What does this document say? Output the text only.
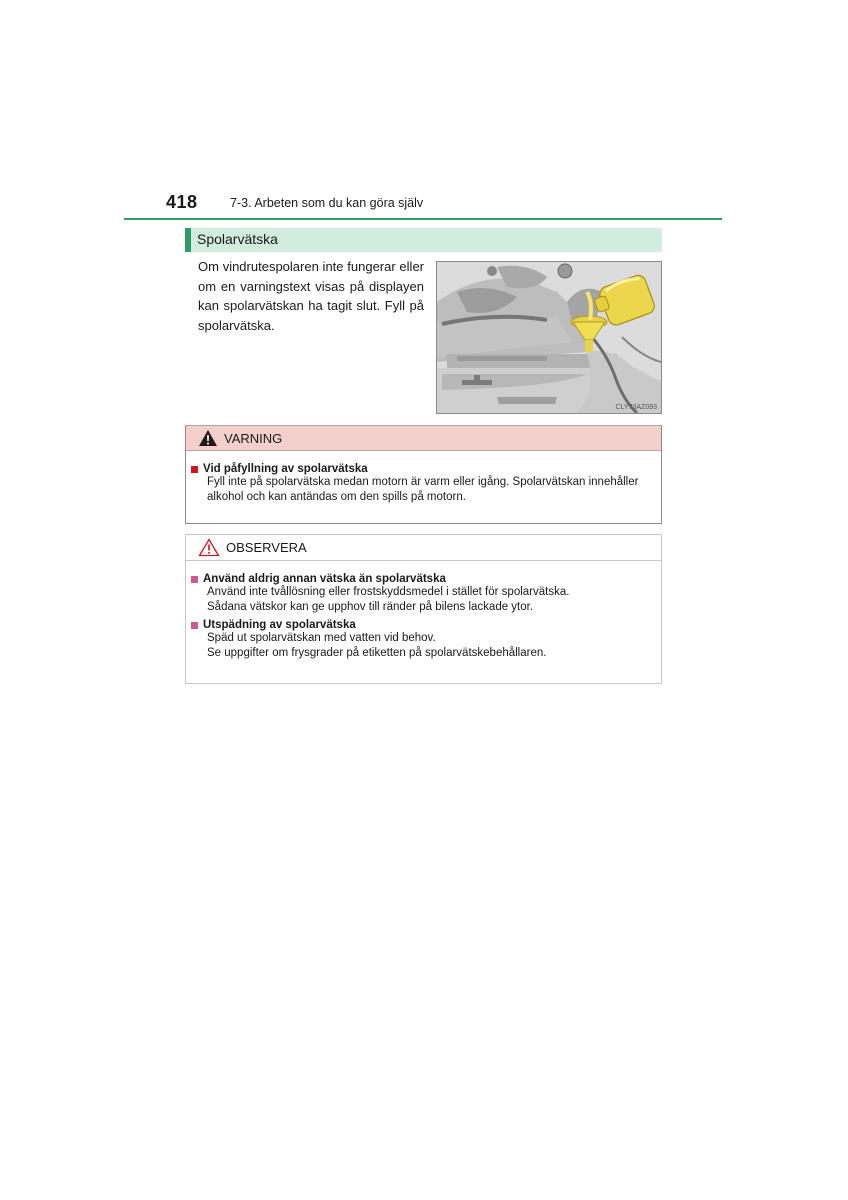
418	7-3. Arbeten som du kan göra själv
Spolarvätska
Om vindrutespolaren inte fungerar eller om en varningstext visas på displayen kan spolarvätskan ha tagit slut. Fyll på spolarvätska.
CLY73AZ093
VARNING
Vid påfyllning av spolarvätska
Fyll inte på spolarvätska medan motorn är varm eller igång. Spolarvätskan innehåller alkohol och kan antändas om den spills på motorn.
OBSERVERA
Använd aldrig annan vätska än spolarvätska
Använd inte tvållösning eller frostskyddsmedel i stället för spolarvätska.
Sådana vätskor kan ge upphov till ränder på bilens lackade ytor.
Utspädning av spolarvätska
Späd ut spolarvätskan med vatten vid behov.
Se uppgifter om frysgrader på etiketten på spolarvätskebehållaren.
